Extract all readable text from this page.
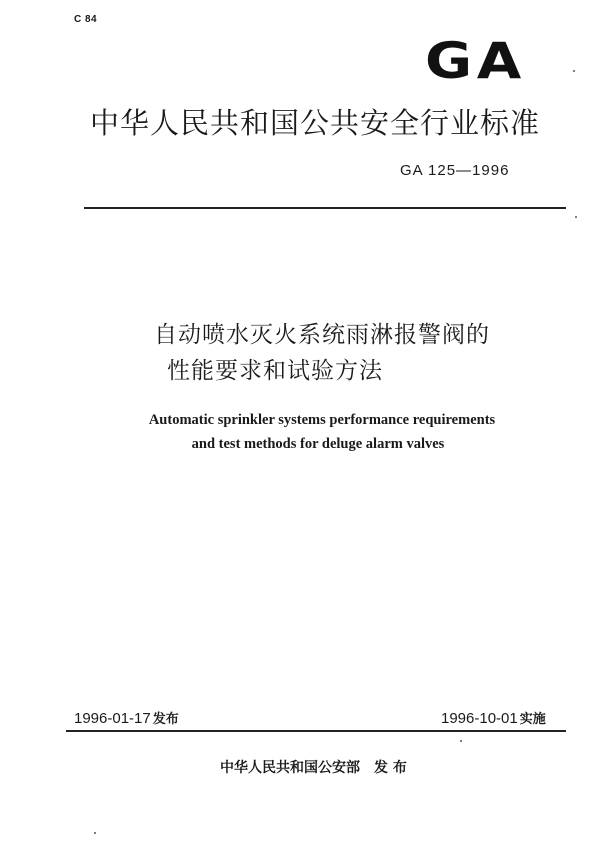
C 84
GA
中华人民共和国公共安全行业标准
GA 125—1996
自动喷水灭火系统雨淋报警阀的
性能要求和试验方法
Automatic sprinkler systems performance requirements
and test methods for deluge alarm valves
1996-01-17 发布	1996-10-01 实施
中华人民共和国公安部 发 布
